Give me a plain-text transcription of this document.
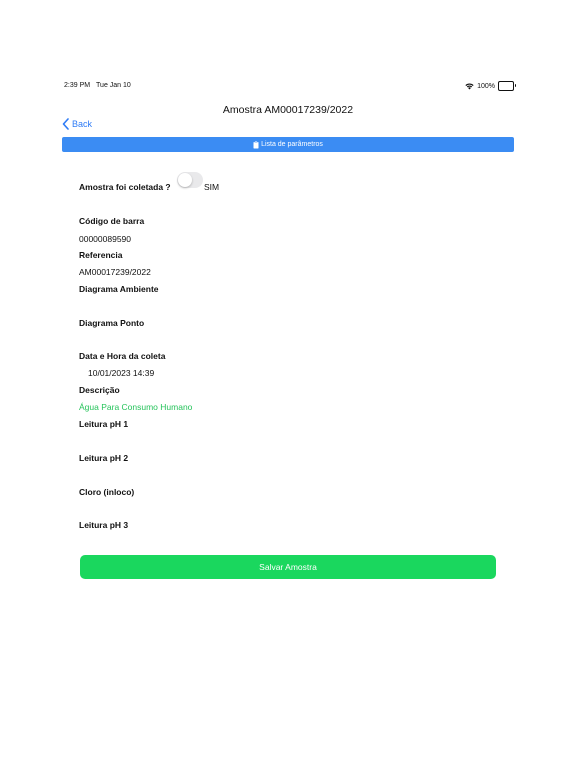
2:39 PM Tue Jan 10	100%
Amostra AM00017239/2022
Back
Lista de parâmetros
Amostra foi coletada ?	SIM
Código de barra
00000089590
Referencia
AM00017239/2022
Diagrama Ambiente
Diagrama Ponto
Data e Hora da coleta
10/01/2023 14:39
Descrição
Água Para Consumo Humano
Leitura pH 1
Leitura pH 2
Cloro (inloco)
Leitura pH 3
Salvar Amostra
